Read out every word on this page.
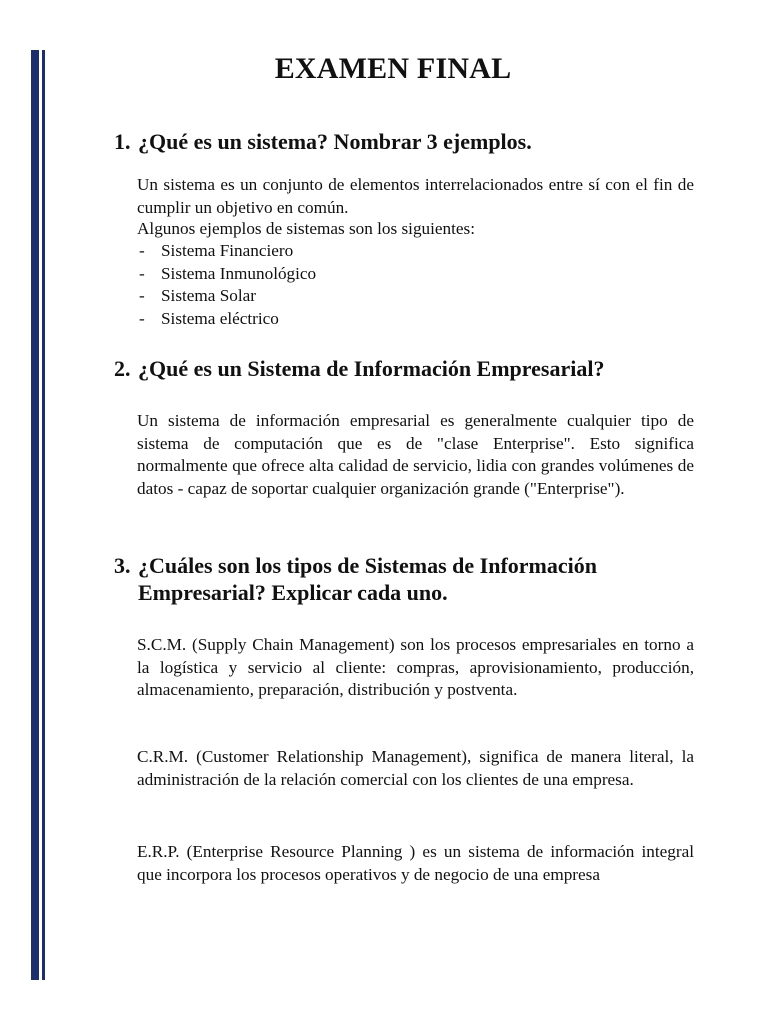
EXAMEN FINAL
1. ¿Qué es un sistema? Nombrar 3 ejemplos.
Un sistema es un conjunto de elementos interrelacionados entre sí con el fin de cumplir un objetivo en común.
Algunos ejemplos de sistemas son los siguientes:
- Sistema Financiero
- Sistema Inmunológico
- Sistema Solar
- Sistema eléctrico
2. ¿Qué es un Sistema de Información Empresarial?
Un sistema de información empresarial es generalmente cualquier tipo de sistema de computación que es de "clase Enterprise". Esto significa normalmente que ofrece alta calidad de servicio, lidia con grandes volúmenes de datos - capaz de soportar cualquier organización grande ("Enterprise").
3. ¿Cuáles son los tipos de Sistemas de Información
Empresarial? Explicar cada uno.
S.C.M. (Supply Chain Management) son los procesos empresariales en torno a la logística y servicio al cliente: compras, aprovisionamiento, producción, almacenamiento, preparación, distribución y postventa.
C.R.M. (Customer Relationship Management), significa de manera literal, la administración de la relación comercial con los clientes de una empresa.
E.R.P. (Enterprise Resource Planning ) es un sistema de información integral que incorpora los procesos operativos y de negocio de una empresa
